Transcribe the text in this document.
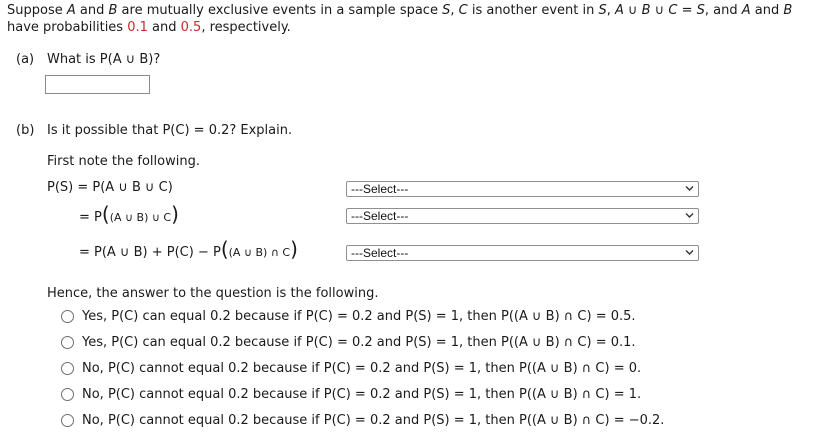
Suppose A and B are mutually exclusive events in a sample space S, C is another event in S, A ∪ B ∪ C = S, and A and B
have probabilities 0.1 and 0.5, respectively.
(a) What is P(A ∪ B)?
(b) Is it possible that P(C) = 0.2? Explain.
First note the following.
P(S) = P(A ∪ B ∪ C)
= P((A ∪ B) ∪ C)
= P(A ∪ B) + P(C) − P((A ∪ B) ∩ C)
---Select---
---Select---
---Select---
Hence, the answer to the question is the following.
Yes, P(C) can equal 0.2 because if P(C) = 0.2 and P(S) = 1, then P((A ∪ B) ∩ C) = 0.5.
Yes, P(C) can equal 0.2 because if P(C) = 0.2 and P(S) = 1, then P((A ∪ B) ∩ C) = 0.1.
No, P(C) cannot equal 0.2 because if P(C) = 0.2 and P(S) = 1, then P((A ∪ B) ∩ C) = 0.
No, P(C) cannot equal 0.2 because if P(C) = 0.2 and P(S) = 1, then P((A ∪ B) ∩ C) = 1.
No, P(C) cannot equal 0.2 because if P(C) = 0.2 and P(S) = 1, then P((A ∪ B) ∩ C) = −0.2.
